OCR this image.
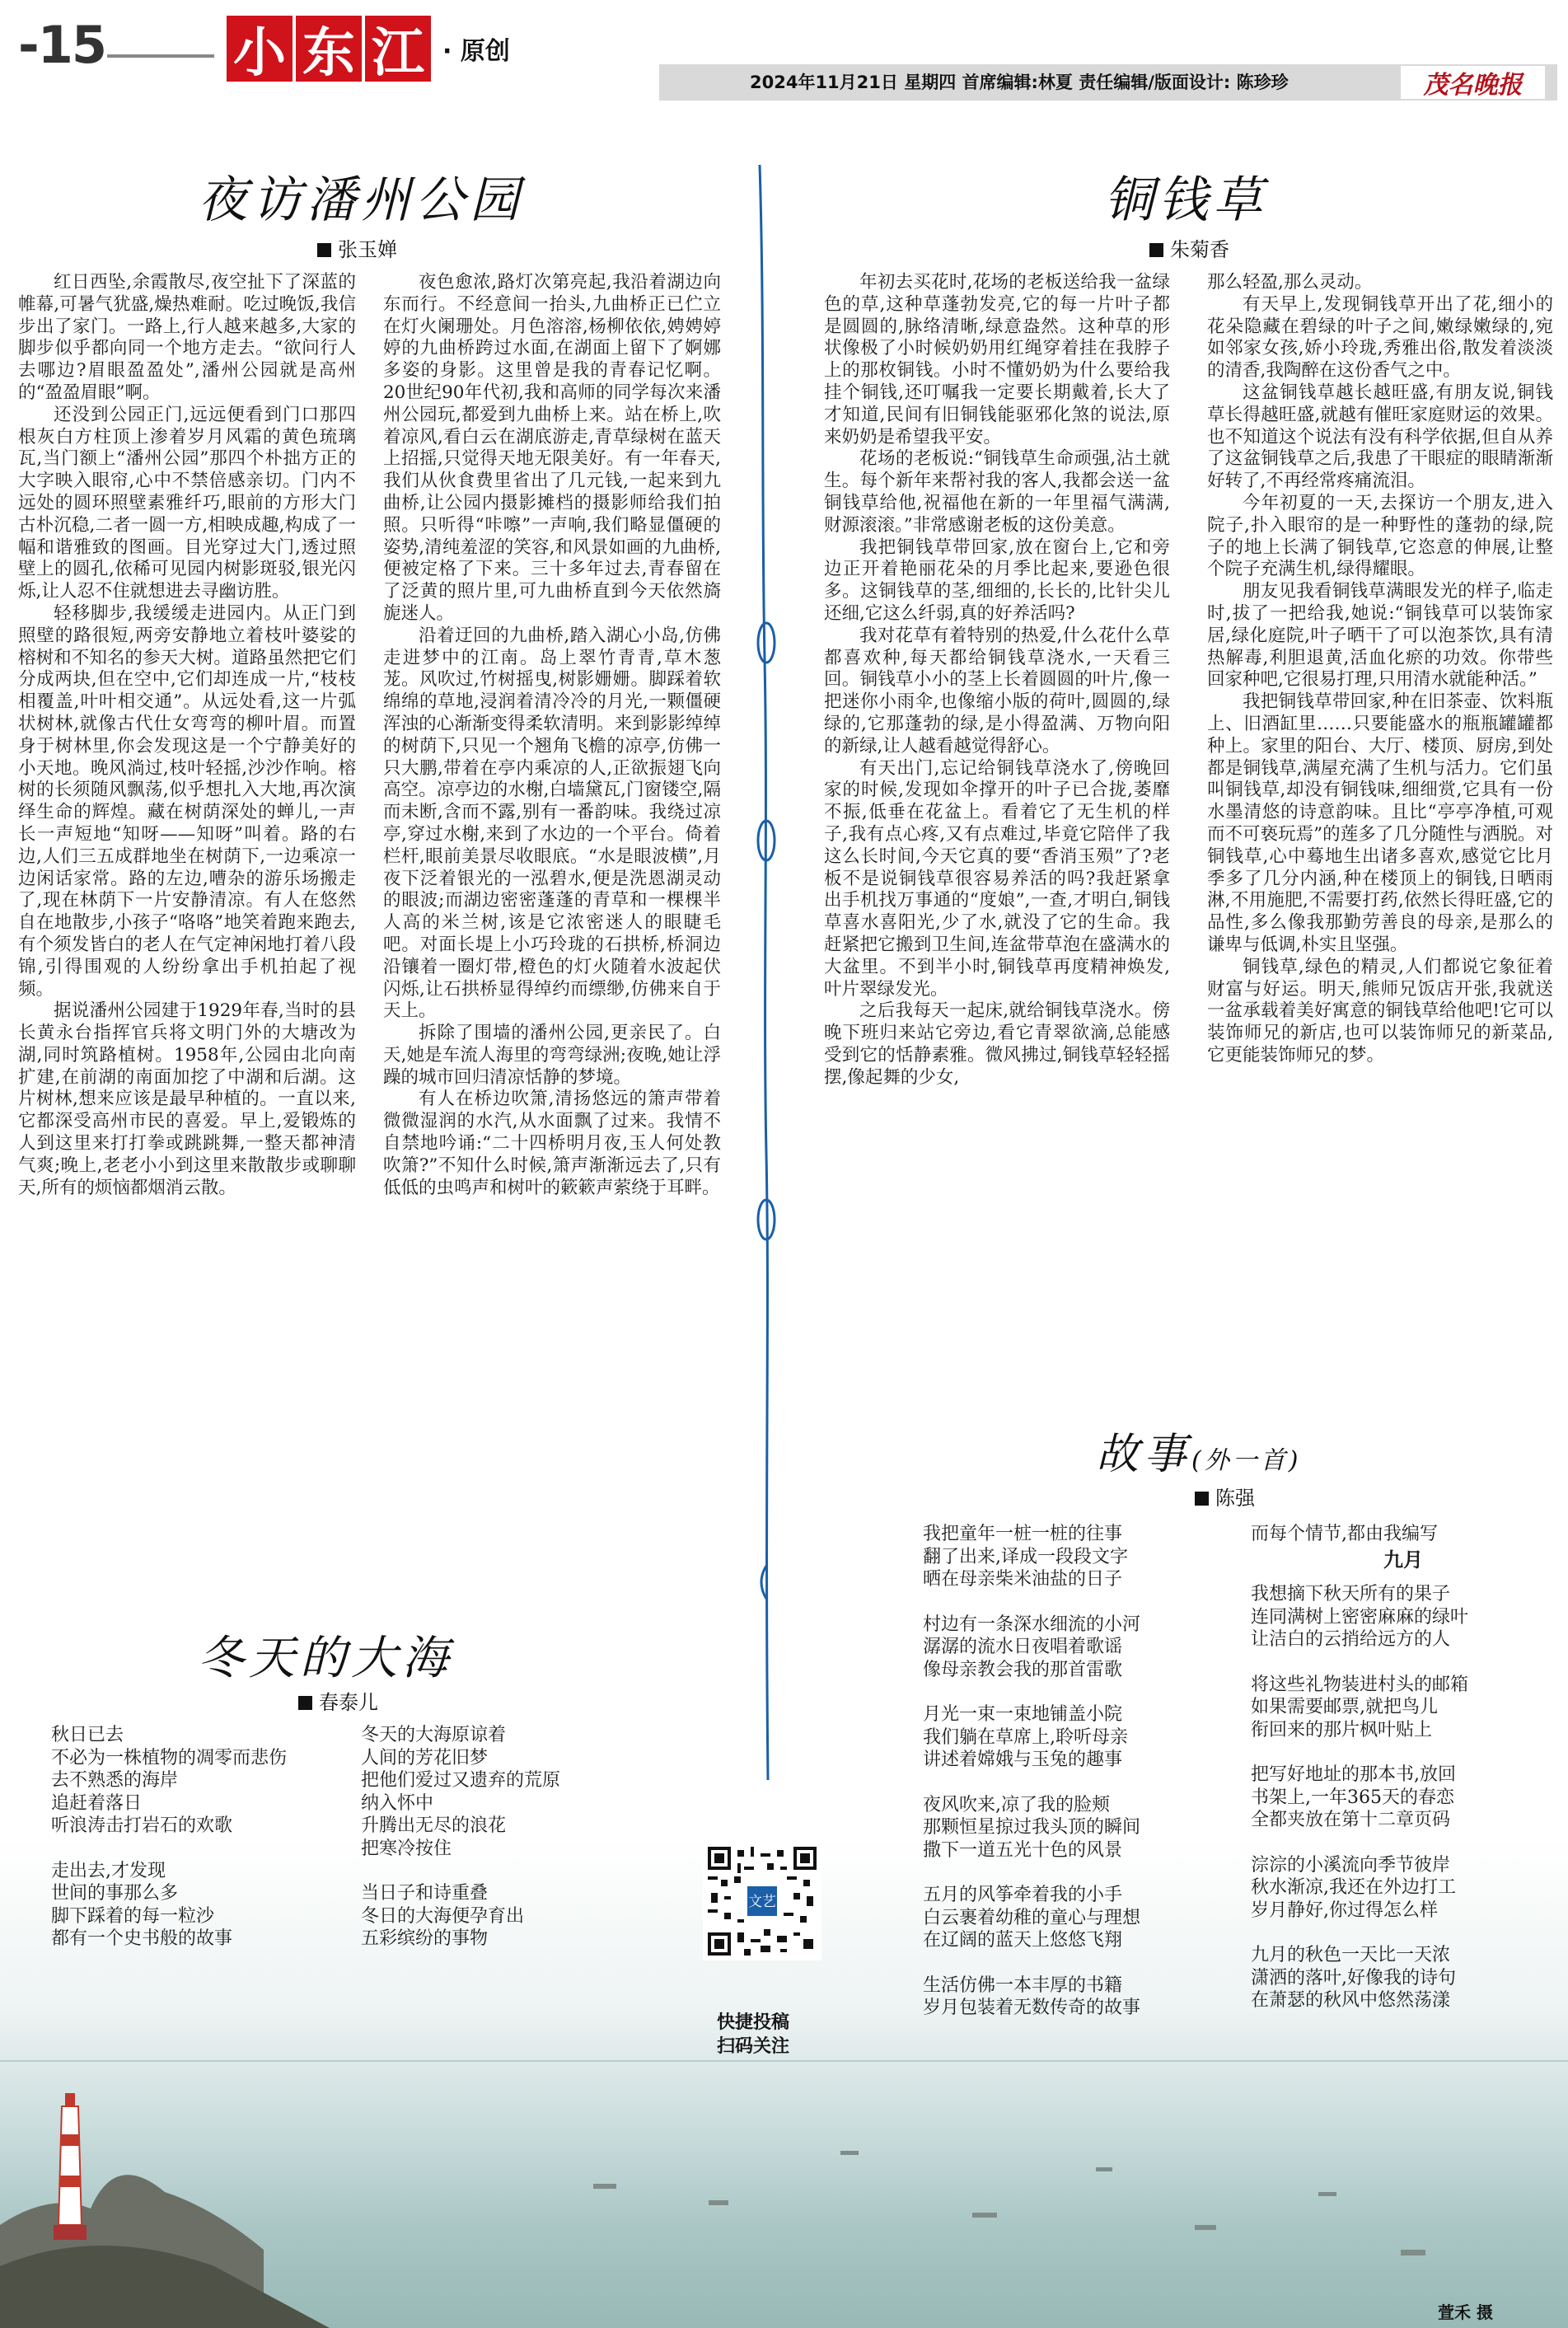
-15 小 东 江 · 原创
2024年11月21日 星期四 首席编辑:林夏 责任编辑/版面设计: 陈珍珍	茂名晚报
夜访潘州公园
张玉婵

红日西坠,余霞散尽,夜空扯下了深蓝的帷幕,可暑气犹盛,燥热难耐。吃过晚饭,我信步出了家门。一路上,行人越来越多,大家的脚步似乎都向同一个地方走去。“欲问行人去哪边?眉眼盈盈处”,潘州公园就是高州的“盈盈眉眼”啊。

还没到公园正门,远远便看到门口那四根灰白方柱顶上渗着岁月风霜的黄色琉璃瓦,当门额上“潘州公园”那四个朴拙方正的大字映入眼帘,心中不禁倍感亲切。门内不远处的圆环照壁素雅纤巧,眼前的方形大门古朴沉稳,二者一圆一方,相映成趣,构成了一幅和谐雅致的图画。目光穿过大门,透过照壁上的圆孔,依稀可见园内树影斑驳,银光闪烁,让人忍不住就想进去寻幽访胜。

轻移脚步,我缓缓走进园内。从正门到照壁的路很短,两旁安静地立着枝叶婆娑的榕树和不知名的参天大树。道路虽然把它们分成两块,但在空中,它们却连成一片,“枝枝相覆盖,叶叶相交通”。从远处看,这一片弧状树林,就像古代仕女弯弯的柳叶眉。而置身于树林里,你会发现这是一个宁静美好的小天地。晚风淌过,枝叶轻摇,沙沙作响。榕树的长须随风飘荡,似乎想扎入大地,再次演绎生命的辉煌。藏在树荫深处的蝉儿,一声长一声短地“知呀——知呀”叫着。路的右边,人们三五成群地坐在树荫下,一边乘凉一边闲话家常。路的左边,嘈杂的游乐场搬走了,现在林荫下一片安静清凉。有人在悠然自在地散步,小孩子“咯咯”地笑着跑来跑去,有个须发皆白的老人在气定神闲地打着八段锦,引得围观的人纷纷拿出手机拍起了视频。

据说潘州公园建于1929年春,当时的县长黄永台指挥官兵将文明门外的大塘改为湖,同时筑路植树。1958年,公园由北向南扩建,在前湖的南面加挖了中湖和后湖。这片树林,想来应该是最早种植的。一直以来,它都深受高州市民的喜爱。早上,爱锻炼的人到这里来打打拳或跳跳舞,一整天都神清气爽;晚上,老老小小到这里来散散步或聊聊天,所有的烦恼都烟消云散。

夜色愈浓,路灯次第亮起,我沿着湖边向东而行。不经意间一抬头,九曲桥正已伫立在灯火阑珊处。月色溶溶,杨柳依依,娉娉婷婷的九曲桥跨过水面,在湖面上留下了婀娜多姿的身影。这里曾是我的青春记忆啊。20世纪90年代初,我和高师的同学每次来潘州公园玩,都爱到九曲桥上来。站在桥上,吹着凉风,看白云在湖底游走,青草绿树在蓝天上招摇,只觉得天地无限美好。有一年春天,我们从伙食费里省出了几元钱,一起来到九曲桥,让公园内摄影摊档的摄影师给我们拍照。只听得“咔嚓”一声响,我们略显僵硬的姿势,清纯羞涩的笑容,和风景如画的九曲桥,便被定格了下来。三十多年过去,青春留在了泛黄的照片里,可九曲桥直到今天依然旖旎迷人。

沿着迂回的九曲桥,踏入湖心小岛,仿佛走进梦中的江南。岛上翠竹青青,草木葱茏。风吹过,竹树摇曳,树影姗姗。脚踩着软绵绵的草地,浸润着清冷冷的月光,一颗僵硬浑浊的心渐渐变得柔软清明。来到影影绰绰的树荫下,只见一个翘角飞檐的凉亭,仿佛一只大鹏,带着在亭内乘凉的人,正欲振翅飞向高空。凉亭边的水榭,白墙黛瓦,门窗镂空,隔而未断,含而不露,别有一番韵味。我绕过凉亭,穿过水榭,来到了水边的一个平台。倚着栏杆,眼前美景尽收眼底。“水是眼波横”,月夜下泛着银光的一泓碧水,便是洗恩湖灵动的眼波;而湖边密密蓬蓬的青草和一棵棵半人高的米兰树,该是它浓密迷人的眼睫毛吧。对面长堤上小巧玲珑的石拱桥,桥洞边沿镶着一圈灯带,橙色的灯火随着水波起伏闪烁,让石拱桥显得绰约而缥缈,仿佛来自于天上。

拆除了围墙的潘州公园,更亲民了。白天,她是车流人海里的弯弯绿洲;夜晚,她让浮躁的城市回归清凉恬静的梦境。

有人在桥边吹箫,清扬悠远的箫声带着微微湿润的水汽,从水面飘了过来。我情不自禁地吟诵:“二十四桥明月夜,玉人何处教吹箫?”不知什么时候,箫声渐渐远去了,只有低低的虫鸣声和树叶的簌簌声萦绕于耳畔。

铜钱草
朱菊香

年初去买花时,花场的老板送给我一盆绿色的草,这种草蓬勃发亮,它的每一片叶子都是圆圆的,脉络清晰,绿意盎然。这种草的形状像极了小时候奶奶用红绳穿着挂在我脖子上的那枚铜钱。小时不懂奶奶为什么要给我挂个铜钱,还叮嘱我一定要长期戴着,长大了才知道,民间有旧铜钱能驱邪化煞的说法,原来奶奶是希望我平安。

花场的老板说:“铜钱草生命顽强,沾土就生。每个新年来帮衬我的客人,我都会送一盆铜钱草给他,祝福他在新的一年里福气满满,财源滚滚。”非常感谢老板的这份美意。

我把铜钱草带回家,放在窗台上,它和旁边正开着艳丽花朵的月季比起来,要逊色很多。这铜钱草的茎,细细的,长长的,比针尖儿还细,它这么纤弱,真的好养活吗?

我对花草有着特别的热爱,什么花什么草都喜欢种,每天都给铜钱草浇水,一天看三回。铜钱草小小的茎上长着圆圆的叶片,像一把迷你小雨伞,也像缩小版的荷叶,圆圆的,绿绿的,它那蓬勃的绿,是小得盈满、万物向阳的新绿,让人越看越觉得舒心。

有天出门,忘记给铜钱草浇水了,傍晚回家的时候,发现如伞撑开的叶子已合拢,萎靡不振,低垂在花盆上。看着它了无生机的样子,我有点心疼,又有点难过,毕竟它陪伴了我这么长时间,今天它真的要“香消玉殒”了?老板不是说铜钱草很容易养活的吗?我赶紧拿出手机找万事通的“度娘”,一查,才明白,铜钱草喜水喜阳光,少了水,就没了它的生命。我赶紧把它搬到卫生间,连盆带草泡在盛满水的大盆里。不到半小时,铜钱草再度精神焕发,叶片翠绿发光。

之后我每天一起床,就给铜钱草浇水。傍晚下班归来站它旁边,看它青翠欲滴,总能感受到它的恬静素雅。微风拂过,铜钱草轻轻摇摆,像起舞的少女,

那么轻盈,那么灵动。

有天早上,发现铜钱草开出了花,细小的花朵隐藏在碧绿的叶子之间,嫩绿嫩绿的,宛如邻家女孩,娇小玲珑,秀雅出俗,散发着淡淡的清香,我陶醉在这份香气之中。

这盆铜钱草越长越旺盛,有朋友说,铜钱草长得越旺盛,就越有催旺家庭财运的效果。也不知道这个说法有没有科学依据,但自从养了这盆铜钱草之后,我患了干眼症的眼睛渐渐好转了,不再经常疼痛流泪。

今年初夏的一天,去探访一个朋友,进入院子,扑入眼帘的是一种野性的蓬勃的绿,院子的地上长满了铜钱草,它恣意的伸展,让整个院子充满生机,绿得耀眼。

朋友见我看铜钱草满眼发光的样子,临走时,拔了一把给我,她说:“铜钱草可以装饰家居,绿化庭院,叶子晒干了可以泡茶饮,具有清热解毒,利胆退黄,活血化瘀的功效。你带些回家种吧,它很易打理,只用清水就能种活。”

我把铜钱草带回家,种在旧茶壶、饮料瓶上、旧酒缸里……只要能盛水的瓶瓶罐罐都种上。家里的阳台、大厅、楼顶、厨房,到处都是铜钱草,满屋充满了生机与活力。它们虽叫铜钱草,却没有铜钱味,细细赏,它具有一份水墨清悠的诗意韵味。且比“亭亭净植,可观而不可亵玩焉”的莲多了几分随性与洒脱。对铜钱草,心中蓦地生出诸多喜欢,感觉它比月季多了几分内涵,种在楼顶上的铜钱,日晒雨淋,不用施肥,不需要打药,依然长得旺盛,它的品性,多么像我那勤劳善良的母亲,是那么的谦卑与低调,朴实且坚强。

铜钱草,绿色的精灵,人们都说它象征着财富与好运。明天,熊师兄饭店开张,我就送一盆承载着美好寓意的铜钱草给他吧!它可以装饰师兄的新店,也可以装饰师兄的新菜品,它更能装饰师兄的梦。

故事(外一首)
陈强
我把童年一桩一桩的往事
翻了出来,译成一段段文字
晒在母亲柴米油盐的日子
村边有一条深水细流的小河
潺潺的流水日夜唱着歌谣
像母亲教会我的那首雷歌
月光一束一束地铺盖小院
我们躺在草席上,聆听母亲
讲述着嫦娥与玉兔的趣事
夜风吹来,凉了我的脸颊
那颗恒星掠过我头顶的瞬间
撒下一道五光十色的风景
五月的风筝牵着我的小手
白云裹着幼稚的童心与理想
在辽阔的蓝天上悠悠飞翔
生活仿佛一本丰厚的书籍
岁月包装着无数传奇的故事
而每个情节,都由我编写
九月
我想摘下秋天所有的果子
连同满树上密密麻麻的绿叶
让洁白的云捎给远方的人
将这些礼物装进村头的邮箱
如果需要邮票,就把鸟儿
衔回来的那片枫叶贴上
把写好地址的那本书,放回
书架上,一年365天的春恋
全都夹放在第十二章页码
淙淙的小溪流向季节彼岸
秋水渐凉,我还在外边打工
岁月静好,你过得怎么样
九月的秋色一天比一天浓
潇洒的落叶,好像我的诗句
在萧瑟的秋风中悠然荡漾
冬天的大海
春泰儿
秋日已去
不必为一株植物的凋零而悲伤
去不熟悉的海岸
追赶着落日
听浪涛击打岩石的欢歌
走出去,才发现
世间的事那么多
脚下踩着的每一粒沙
都有一个史书般的故事
冬天的大海原谅着
人间的芳花旧梦
把他们爱过又遗弃的荒原
纳入怀中
升腾出无尽的浪花
把寒冷按住
当日子和诗重叠
冬日的大海便孕育出
五彩缤纷的事物
文艺
快捷投稿
扫码关注
萱禾 摄
